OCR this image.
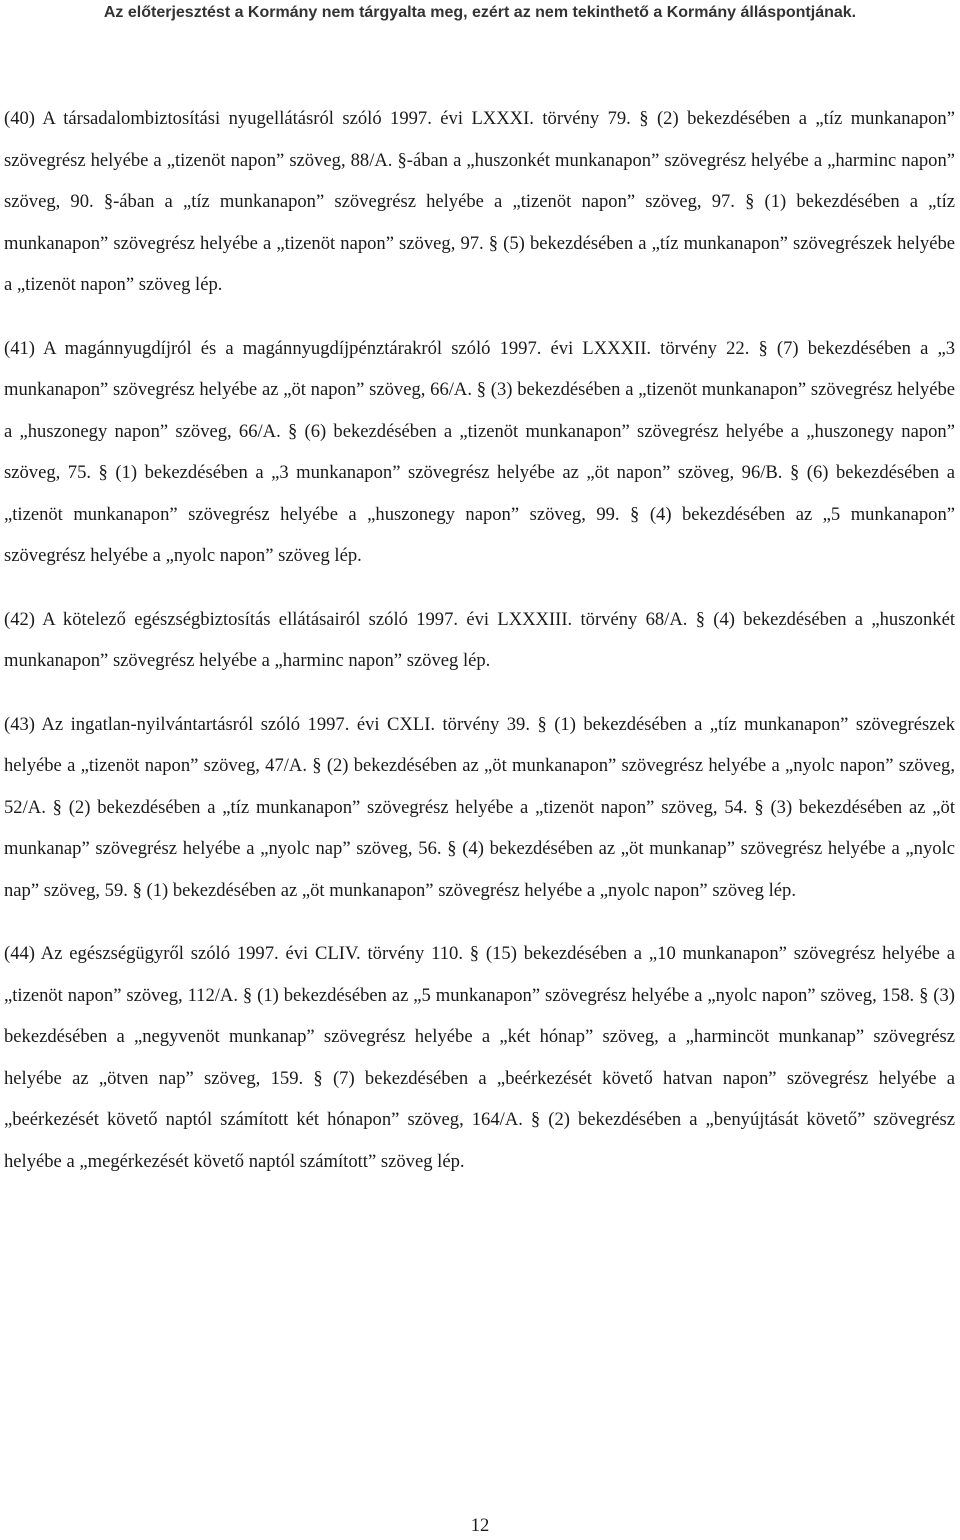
Az előterjesztést a Kormány nem tárgyalta meg, ezért az nem tekinthető a Kormány álláspontjának.

(40) A társadalombiztosítási nyugellátásról szóló 1997. évi LXXXI. törvény 79. § (2) bekezdésében a „tíz munkanapon” szövegrész helyébe a „tizenöt napon” szöveg, 88/A. §-ában a „huszonkét munkanapon” szövegrész helyébe a „harminc napon” szöveg, 90. §-ában a „tíz munkanapon” szövegrész helyébe a „tizenöt napon” szöveg, 97. § (1) bekezdésében a „tíz munkanapon” szövegrész helyébe a „tizenöt napon” szöveg, 97. § (5) bekezdésében a „tíz munkanapon” szövegrészek helyébe a „tizenöt napon” szöveg lép.

(41) A magánnyugdíjról és a magánnyugdíjpénztárakról szóló 1997. évi LXXXII. törvény 22. § (7) bekezdésében a „3 munkanapon” szövegrész helyébe az „öt napon” szöveg, 66/A. § (3) bekezdésében a „tizenöt munkanapon” szövegrész helyébe a „huszonegy napon” szöveg, 66/A. § (6) bekezdésében a „tizenöt munkanapon” szövegrész helyébe a „huszonegy napon” szöveg, 75. § (1) bekezdésében a „3 munkanapon” szövegrész helyébe az „öt napon” szöveg, 96/B. § (6) bekezdésében a „tizenöt munkanapon” szövegrész helyébe a „huszonegy napon” szöveg, 99. § (4) bekezdésében az „5 munkanapon” szövegrész helyébe a „nyolc napon” szöveg lép.

(42) A kötelező egészségbiztosítás ellátásairól szóló 1997. évi LXXXIII. törvény 68/A. § (4) bekezdésében a „huszonkét munkanapon” szövegrész helyébe a „harminc napon” szöveg lép.

(43) Az ingatlan-nyilvántartásról szóló 1997. évi CXLI. törvény 39. § (1) bekezdésében a „tíz munkanapon” szövegrészek helyébe a „tizenöt napon” szöveg, 47/A. § (2) bekezdésében az „öt munkanapon” szövegrész helyébe a „nyolc napon” szöveg, 52/A. § (2) bekezdésében a „tíz munkanapon” szövegrész helyébe a „tizenöt napon” szöveg, 54. § (3) bekezdésében az „öt munkanap” szövegrész helyébe a „nyolc nap” szöveg, 56. § (4) bekezdésében az „öt munkanap” szövegrész helyébe a „nyolc nap” szöveg, 59. § (1) bekezdésében az „öt munkanapon” szövegrész helyébe a „nyolc napon” szöveg lép.

(44) Az egészségügyről szóló 1997. évi CLIV. törvény 110. § (15) bekezdésében a „10 munkanapon” szövegrész helyébe a „tizenöt napon” szöveg, 112/A. § (1) bekezdésében az „5 munkanapon” szövegrész helyébe a „nyolc napon” szöveg, 158. § (3) bekezdésében a „negyvenöt munkanap” szövegrész helyébe a „két hónap” szöveg, a „harmincöt munkanap” szövegrész helyébe az „ötven nap” szöveg, 159. § (7) bekezdésében a „beérkezését követő hatvan napon” szövegrész helyébe a „beérkezését követő naptól számított két hónapon” szöveg, 164/A. § (2) bekezdésében a „benyújtását követő” szövegrész helyébe a „megérkezését követő naptól számított” szöveg lép.

12
